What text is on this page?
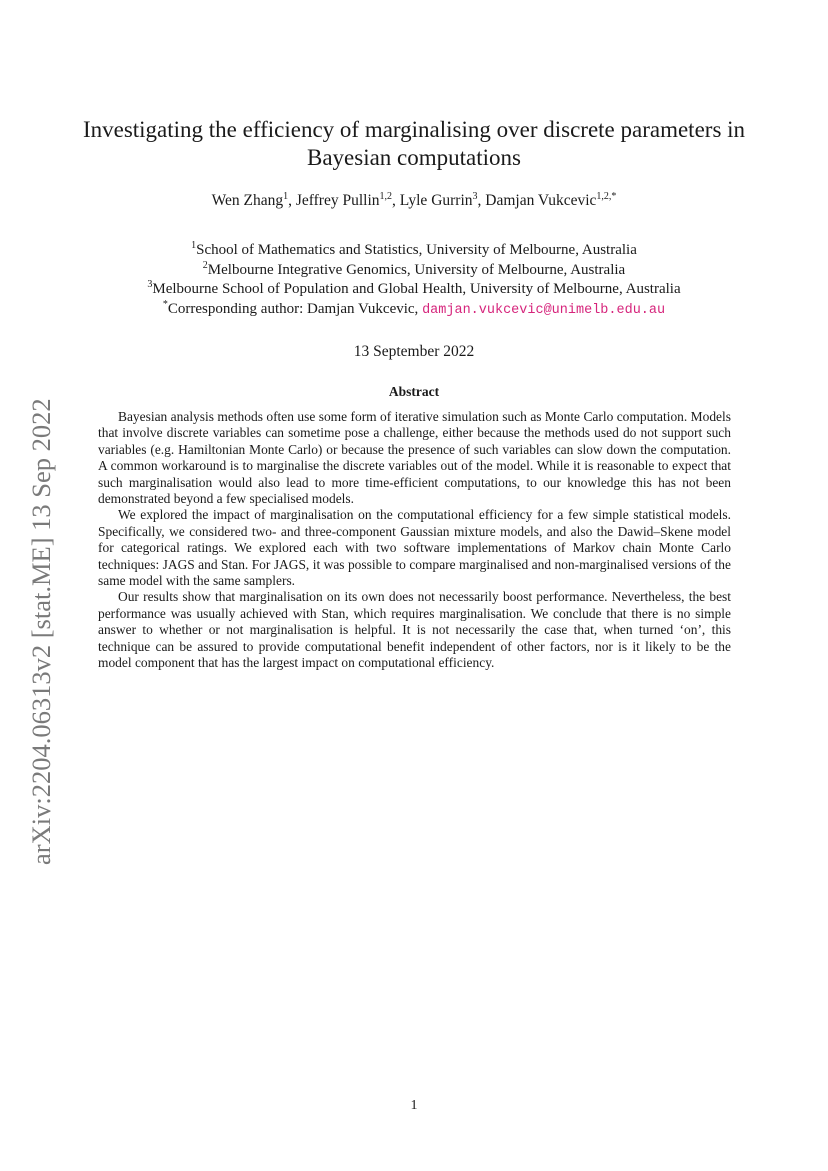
arXiv:2204.06313v2 [stat.ME] 13 Sep 2022
Investigating the efficiency of marginalising over discrete parameters in Bayesian computations
Wen Zhang$^1$, Jeffrey Pullin$^{1,2}$, Lyle Gurrin$^3$, Damjan Vukcevic$^{1,2,*}$
$^1$School of Mathematics and Statistics, University of Melbourne, Australia
$^2$Melbourne Integrative Genomics, University of Melbourne, Australia
$^3$Melbourne School of Population and Global Health, University of Melbourne, Australia
*Corresponding author: Damjan Vukcevic, damjan.vukcevic@unimelb.edu.au
13 September 2022
Abstract

Bayesian analysis methods often use some form of iterative simulation such as Monte Carlo computation. Models that involve discrete variables can sometime pose a challenge, either because the methods used do not support such variables (e.g. Hamiltonian Monte Carlo) or because the presence of such variables can slow down the computation. A common workaround is to marginalise the discrete variables out of the model. While it is reasonable to expect that such marginalisation would also lead to more time-efficient computations, to our knowledge this has not been demonstrated beyond a few specialised models.

We explored the impact of marginalisation on the computational efficiency for a few simple statistical models. Specifically, we considered two- and three-component Gaussian mixture models, and also the Dawid–Skene model for categorical ratings. We explored each with two software implementations of Markov chain Monte Carlo techniques: JAGS and Stan. For JAGS, it was possible to compare marginalised and non-marginalised versions of the same model with the same samplers.

Our results show that marginalisation on its own does not necessarily boost performance. Nevertheless, the best performance was usually achieved with Stan, which requires marginalisation. We conclude that there is no simple answer to whether or not marginalisation is helpful. It is not necessarily the case that, when turned ‘on’, this technique can be assured to provide computational benefit independent of other factors, nor is it likely to be the model component that has the largest impact on computational efficiency.

1
